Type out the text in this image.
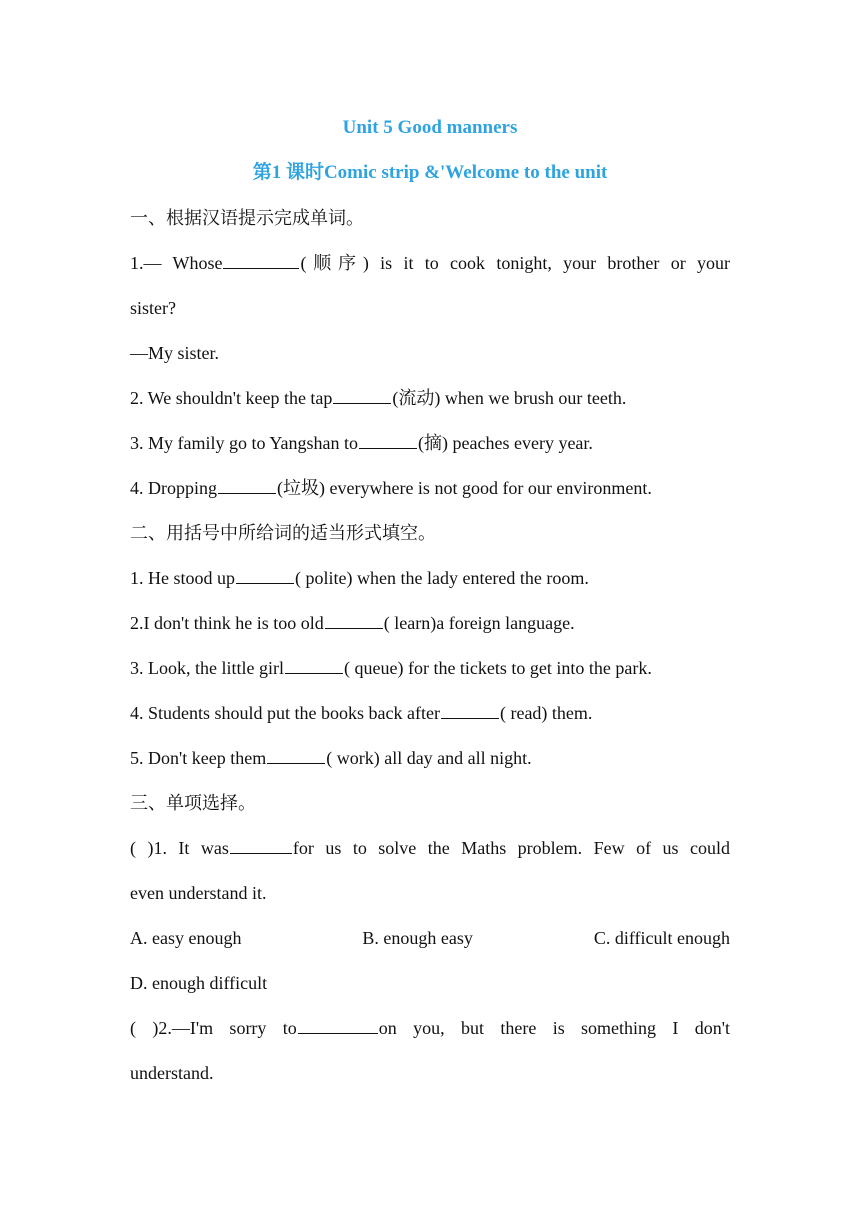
Unit 5 Good manners
第1 课时Comic strip &'Welcome to the unit
一、根据汉语提示完成单词。
1.— Whose	(顺序) is it to cook tonight, your brother or your
sister?
—My sister.
2. We shouldn't keep the tap	(流动) when we brush our teeth.
3. My family go to Yangshan to	(摘) peaches every year.
4. Dropping	(垃圾) everywhere is not good for our environment.
二、用括号中所给词的适当形式填空。
1. He stood up	( polite) when the lady entered the room.
2.I don't think he is too old	( learn)a foreign language.
3. Look, the little girl	( queue) for the tickets to get into the park.
4. Students should put the books back after	( read) them.
5. Don't keep them	( work) all day and all night.
三、单项选择。
( )1. It was	for us to solve the Maths problem. Few of us could
even understand it.
A. easy enough	B. enough easy	C. difficult enough
D. enough difficult
( )2.—I'm sorry to	on you, but there is something I don't
understand.
